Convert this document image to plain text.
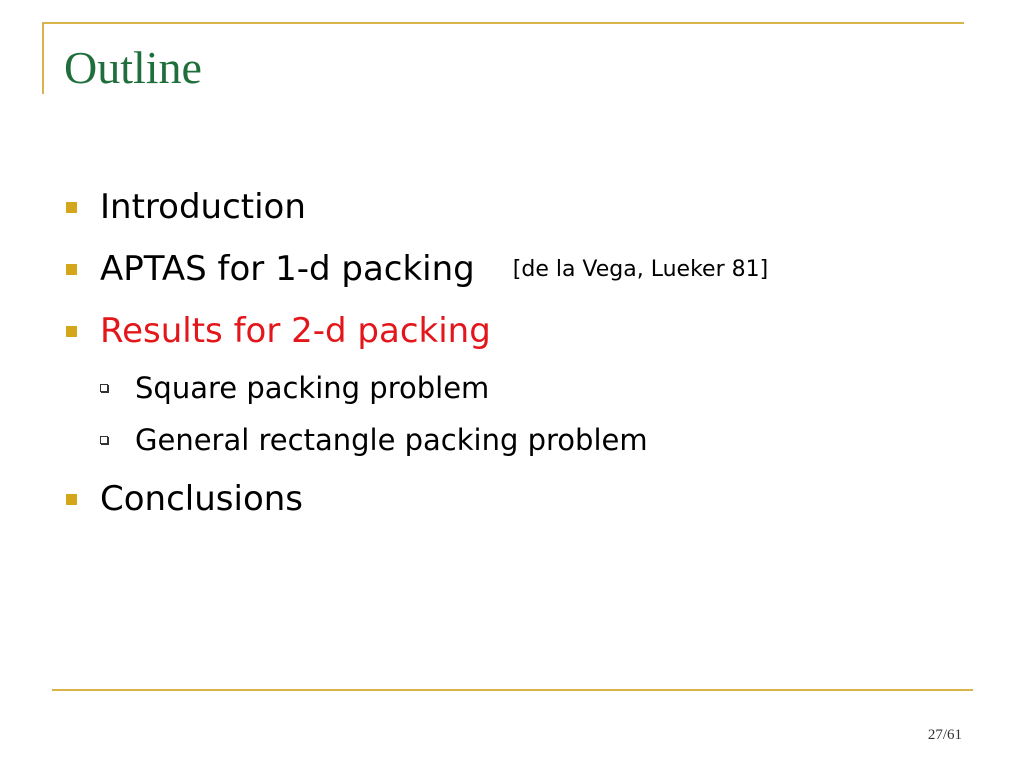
Outline
Introduction
APTAS for 1-d packing [de la Vega, Lueker 81]
Results for 2-d packing
Square packing problem
General rectangle packing problem
Conclusions
27/61
